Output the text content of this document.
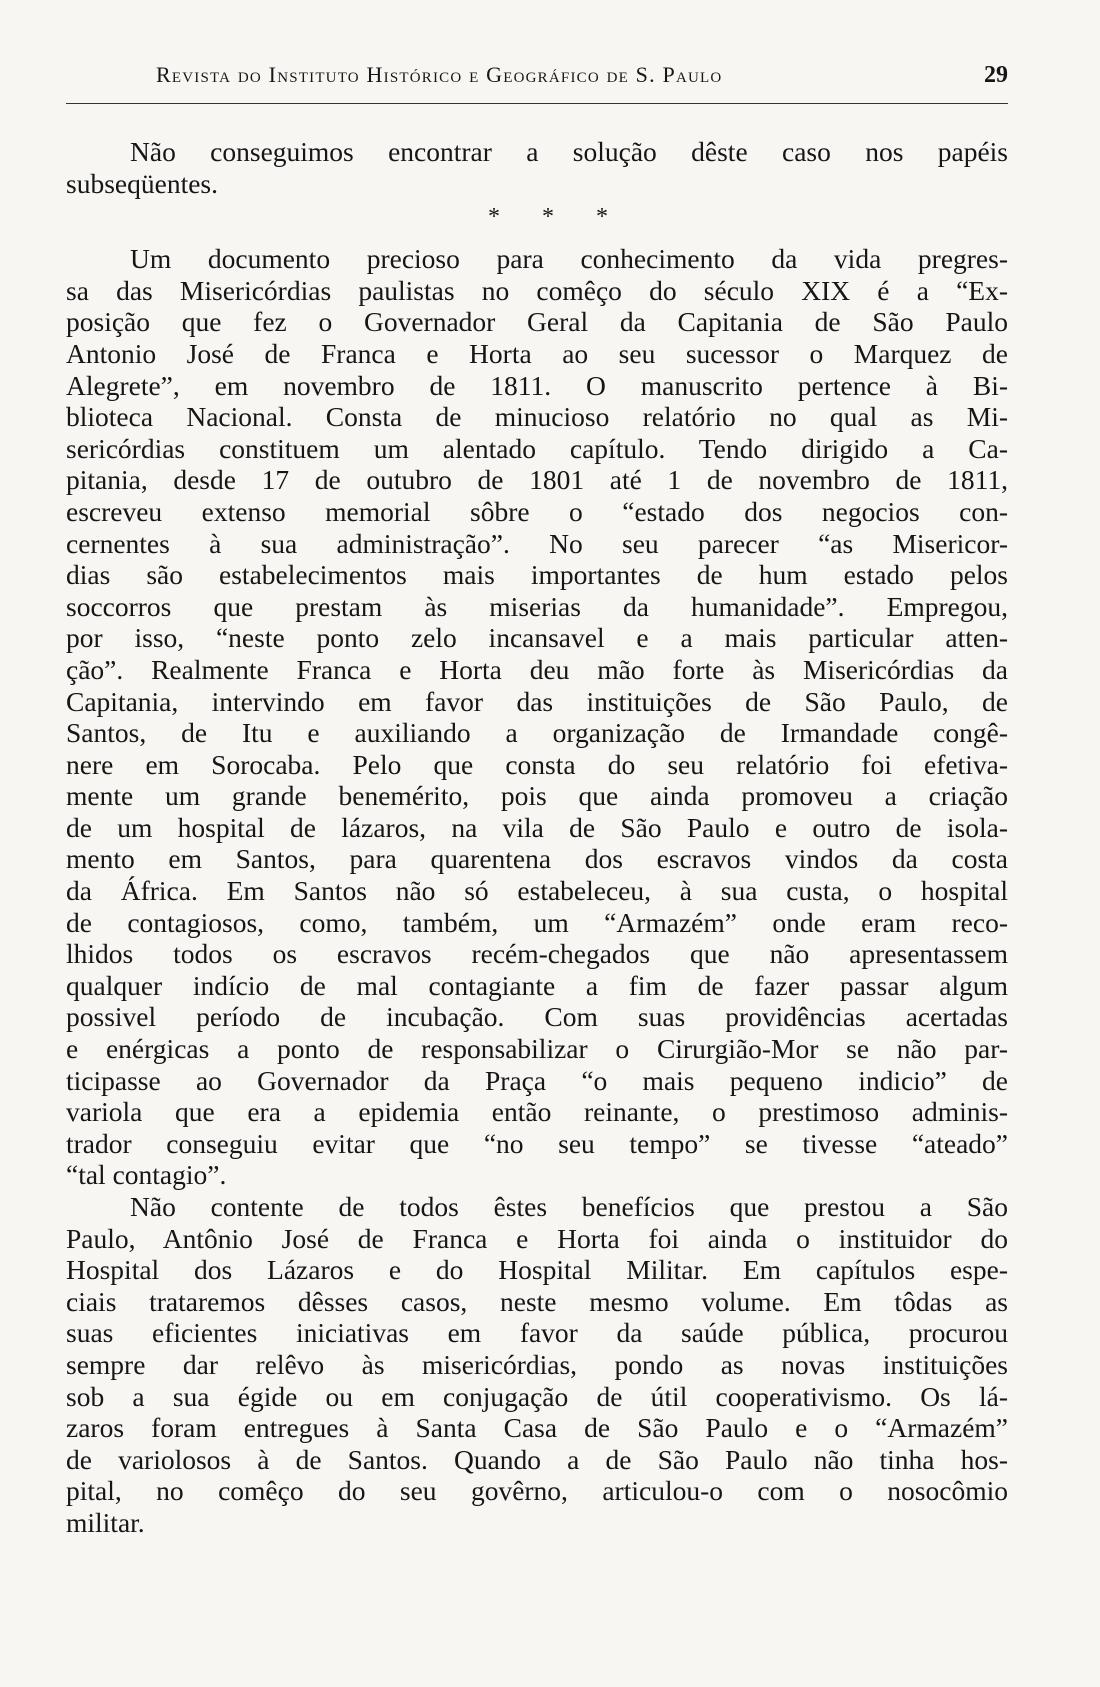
Revista do Instituto Histórico e Geográfico de S. Paulo	29
Não conseguimos encontrar a solução dêste caso nos papéis
subseqüentes.
* * *
Um documento precioso para conhecimento da vida pregres-
sa das Misericórdias paulistas no comêço do século XIX é a “Ex-
posição que fez o Governador Geral da Capitania de São Paulo
Antonio José de Franca e Horta ao seu sucessor o Marquez de
Alegrete”, em novembro de 1811. O manuscrito pertence à Bi-
blioteca Nacional. Consta de minucioso relatório no qual as Mi-
sericórdias constituem um alentado capítulo. Tendo dirigido a Ca-
pitania, desde 17 de outubro de 1801 até 1 de novembro de 1811,
escreveu extenso memorial sôbre o “estado dos negocios con-
cernentes à sua administração”. No seu parecer “as Misericor-
dias são estabelecimentos mais importantes de hum estado pelos
soccorros que prestam às miserias da humanidade”. Empregou,
por isso, “neste ponto zelo incansavel e a mais particular atten-
ção”. Realmente Franca e Horta deu mão forte às Misericórdias da
Capitania, intervindo em favor das instituições de São Paulo, de
Santos, de Itu e auxiliando a organização de Irmandade congê-
nere em Sorocaba. Pelo que consta do seu relatório foi efetiva-
mente um grande benemérito, pois que ainda promoveu a criação
de um hospital de lázaros, na vila de São Paulo e outro de isola-
mento em Santos, para quarentena dos escravos vindos da costa
da África. Em Santos não só estabeleceu, à sua custa, o hospital
de contagiosos, como, também, um “Armazém” onde eram reco-
lhidos todos os escravos recém-chegados que não apresentassem
qualquer indício de mal contagiante a fim de fazer passar algum
possivel período de incubação. Com suas providências acertadas
e enérgicas a ponto de responsabilizar o Cirurgião-Mor se não par-
ticipasse ao Governador da Praça “o mais pequeno indicio” de
variola que era a epidemia então reinante, o prestimoso adminis-
trador conseguiu evitar que “no seu tempo” se tivesse “ateado”
“tal contagio”.
Não contente de todos êstes benefícios que prestou a São
Paulo, Antônio José de Franca e Horta foi ainda o instituidor do
Hospital dos Lázaros e do Hospital Militar. Em capítulos espe-
ciais trataremos dêsses casos, neste mesmo volume. Em tôdas as
suas eficientes iniciativas em favor da saúde pública, procurou
sempre dar relêvo às misericórdias, pondo as novas instituições
sob a sua égide ou em conjugação de útil cooperativismo. Os lá-
zaros foram entregues à Santa Casa de São Paulo e o “Armazém”
de variolosos à de Santos. Quando a de São Paulo não tinha hos-
pital, no comêço do seu govêrno, articulou-o com o nosocômio
militar.
